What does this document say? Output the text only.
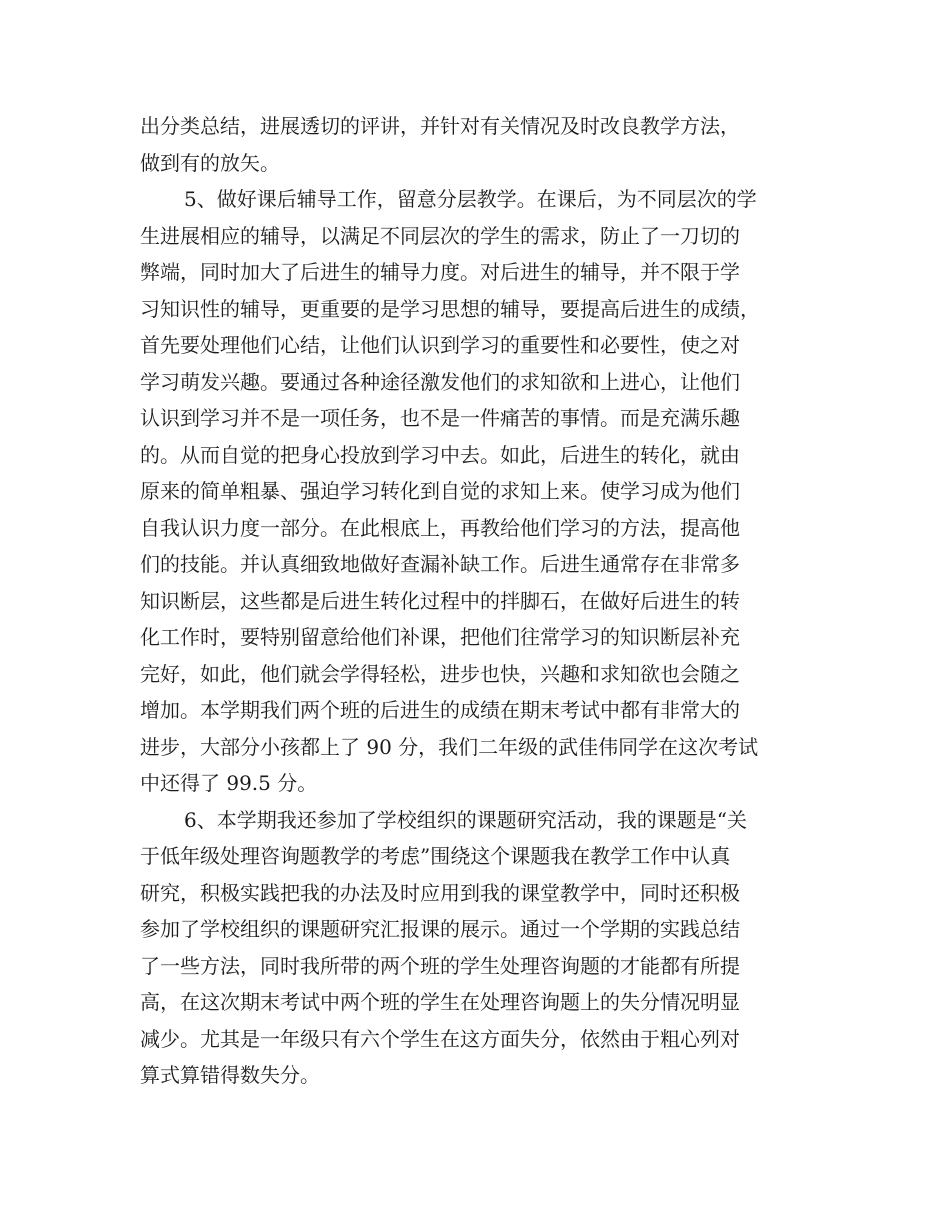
出分类总结，进展透切的评讲，并针对有关情况及时改良教学方法，
做到有的放矢。
5、做好课后辅导工作，留意分层教学。在课后，为不同层次的学
生进展相应的辅导，以满足不同层次的学生的需求，防止了一刀切的
弊端，同时加大了后进生的辅导力度。对后进生的辅导，并不限于学
习知识性的辅导，更重要的是学习思想的辅导，要提高后进生的成绩，
首先要处理他们心结，让他们认识到学习的重要性和必要性，使之对
学习萌发兴趣。要通过各种途径激发他们的求知欲和上进心，让他们
认识到学习并不是一项任务，也不是一件痛苦的事情。而是充满乐趣
的。从而自觉的把身心投放到学习中去。如此，后进生的转化，就由
原来的简单粗暴、强迫学习转化到自觉的求知上来。使学习成为他们
自我认识力度一部分。在此根底上，再教给他们学习的方法，提高他
们的技能。并认真细致地做好查漏补缺工作。后进生通常存在非常多
知识断层，这些都是后进生转化过程中的拌脚石，在做好后进生的转
化工作时，要特别留意给他们补课，把他们往常学习的知识断层补充
完好，如此，他们就会学得轻松，进步也快，兴趣和求知欲也会随之
增加。本学期我们两个班的后进生的成绩在期末考试中都有非常大的
进步，大部分小孩都上了 90 分，我们二年级的武佳伟同学在这次考试
中还得了 99.5 分。
6、本学期我还参加了学校组织的课题研究活动，我的课题是“关
于低年级处理咨询题教学的考虑”围绕这个课题我在教学工作中认真
研究，积极实践把我的办法及时应用到我的课堂教学中，同时还积极
参加了学校组织的课题研究汇报课的展示。通过一个学期的实践总结
了一些方法，同时我所带的两个班的学生处理咨询题的才能都有所提
高，在这次期末考试中两个班的学生在处理咨询题上的失分情况明显
减少。尤其是一年级只有六个学生在这方面失分，依然由于粗心列对
算式算错得数失分。
